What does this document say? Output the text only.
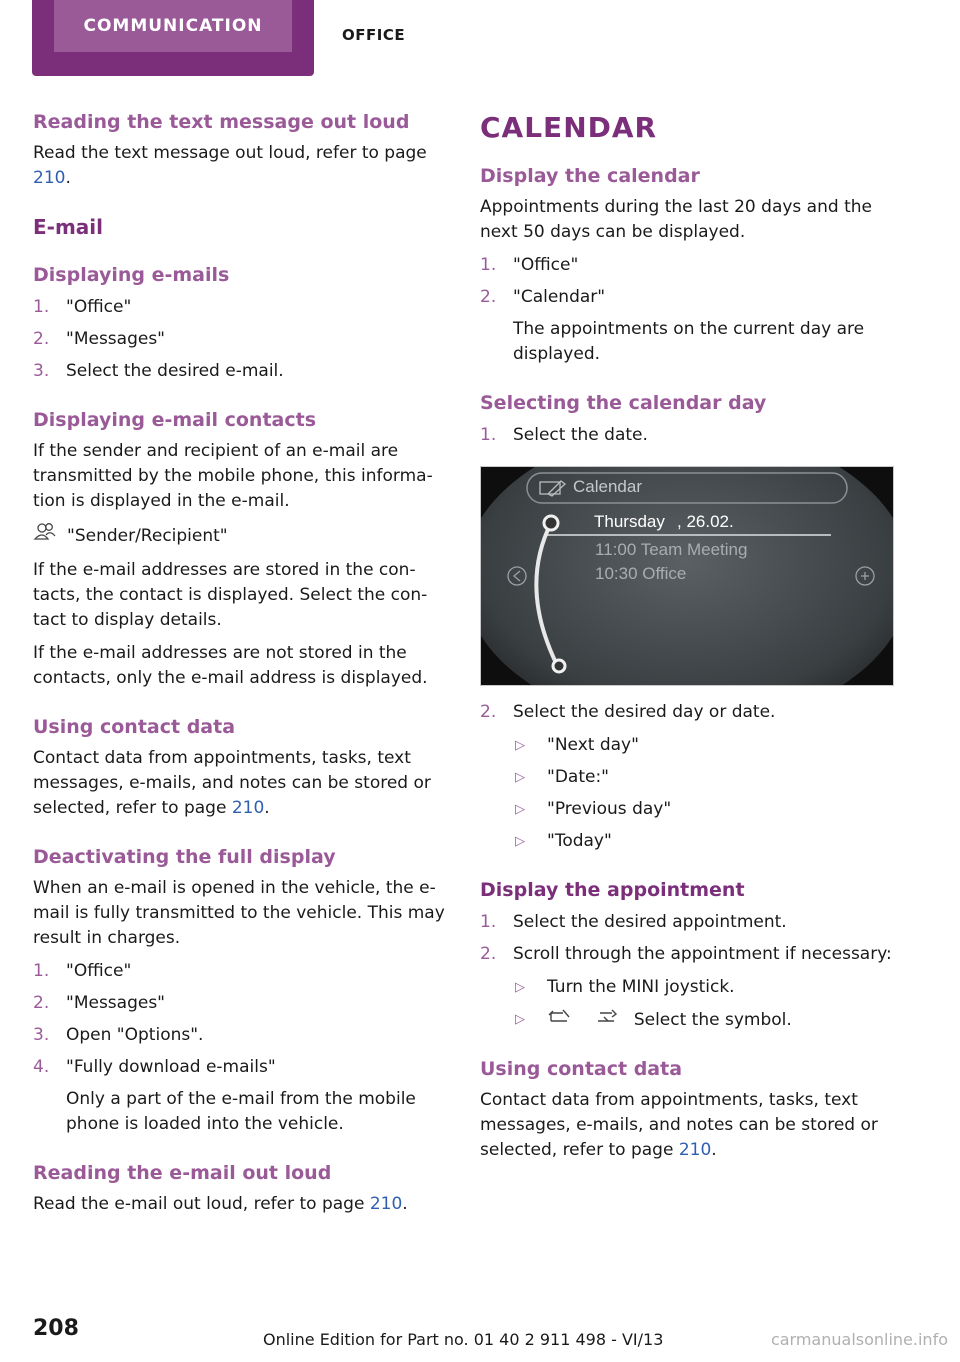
COMMUNICATION	OFFICE
Reading the text message out loud

Read the text message out loud, refer to page 210.

E-mail
Displaying e-mails
1. "Office"
2. "Messages"
3. Select the desired e-mail.
Displaying e-mail contacts

If the sender and recipient of an e-mail are transmitted by the mobile phone, this information is displayed in the e-mail.

"Sender/Recipient"

If the e-mail addresses are stored in the contacts, the contact is displayed. Select the contact to display details.

If the e-mail addresses are not stored in the contacts, only the e-mail address is displayed.

Using contact data

Contact data from appointments, tasks, text messages, e-mails, and notes can be stored or selected, refer to page 210.

Deactivating the full display

When an e-mail is opened in the vehicle, the e-mail is fully transmitted to the vehicle. This may result in charges.

1. "Office"
2. "Messages"
3. Open "Options".
4. "Fully download e-mails"
Only a part of the e-mail from the mobile phone is loaded into the vehicle.
Reading the e-mail out loud

Read the e-mail out loud, refer to page 210.

CALENDAR
Display the calendar

Appointments during the last 20 days and the next 50 days can be displayed.

1. "Office"
2. "Calendar"
The appointments on the current day are displayed.
Selecting the calendar day
1. Select the date.
Calendar
Thursday , 26.02.
11:00 Team Meeting
10:30 Office
2. Select the desired day or date.
▷ "Next day"
▷ "Date:"
▷ "Previous day"
▷ "Today"
Display the appointment
1. Select the desired appointment.
2. Scroll through the appointment if necessary:
▷ Turn the MINI joystick.
▷	Select the symbol.
Using contact data

Contact data from appointments, tasks, text messages, e-mails, and notes can be stored or selected, refer to page 210.

208	Online Edition for Part no. 01 40 2 911 498 - VI/13	carmanualsonline.info
